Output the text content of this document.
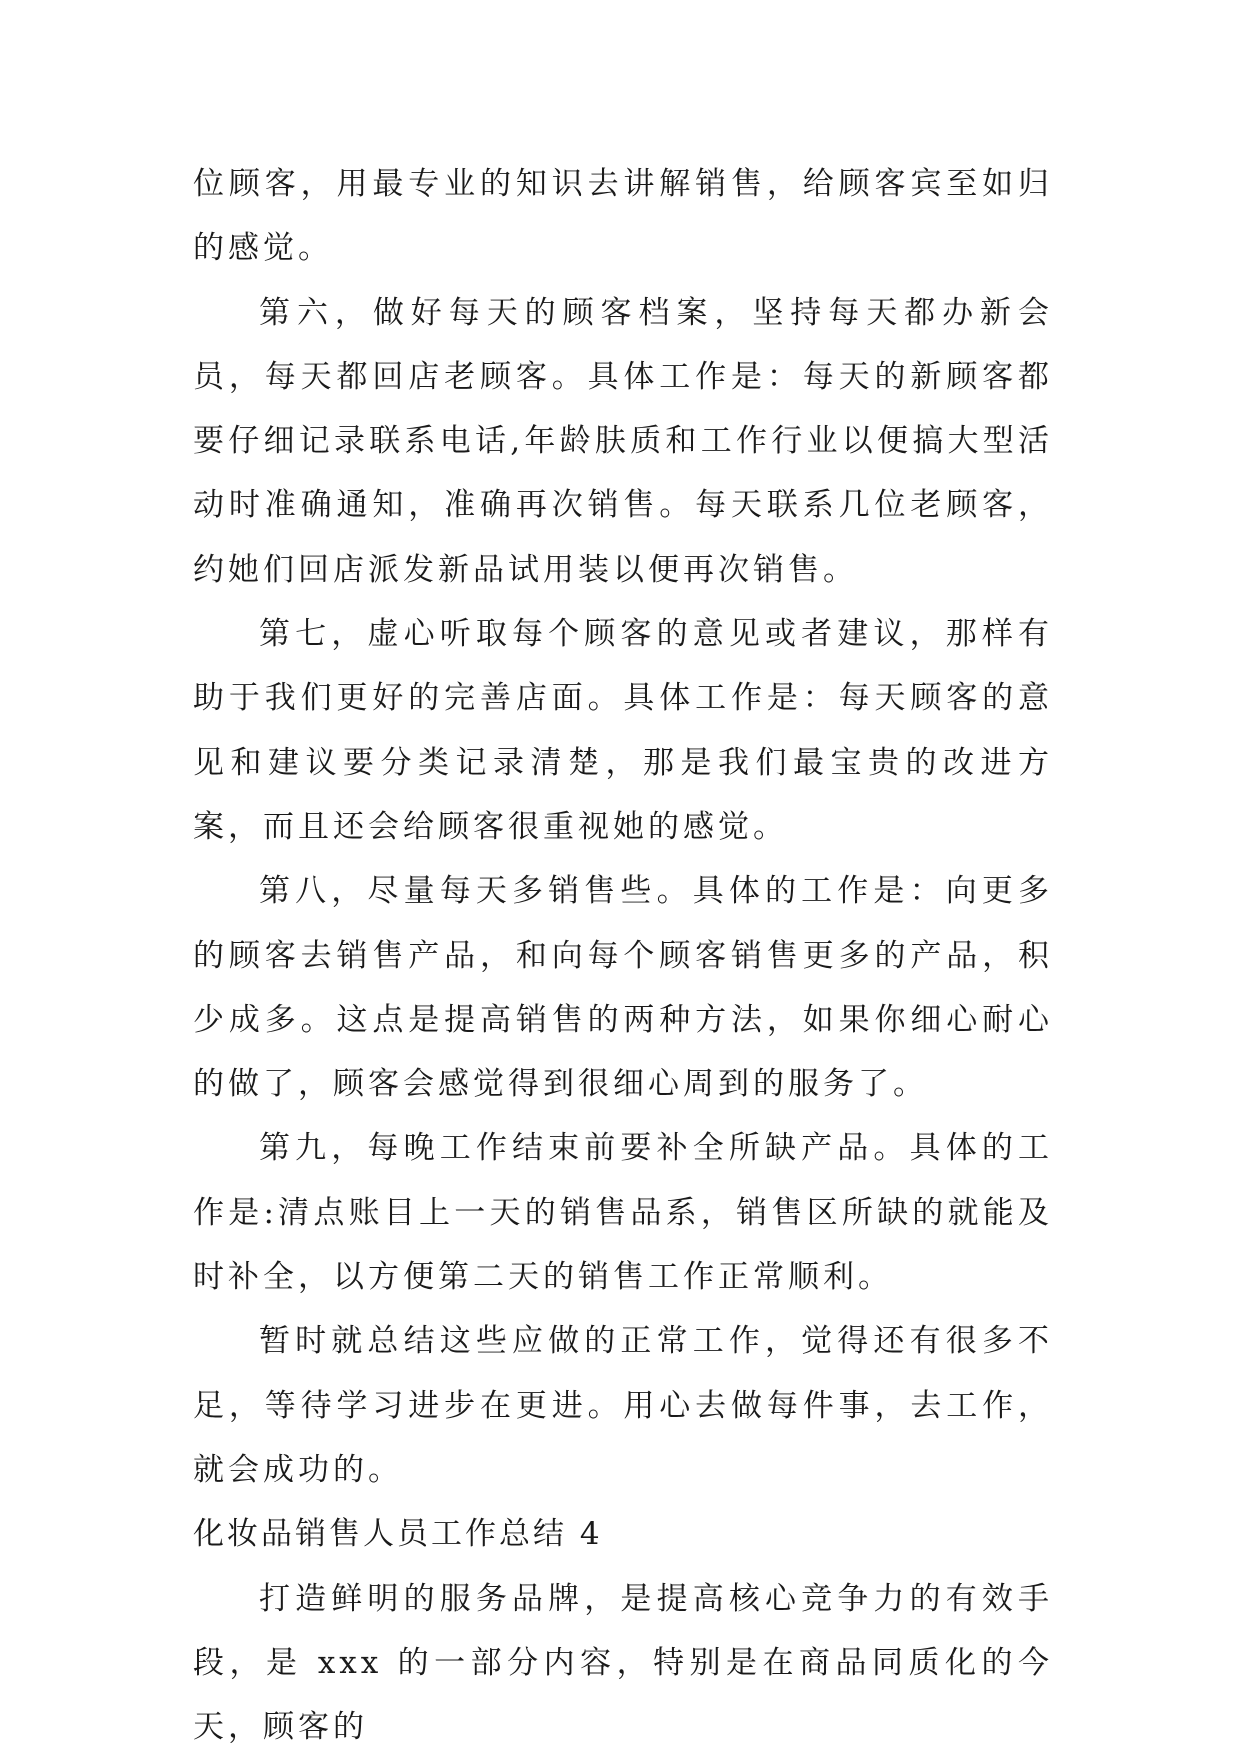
位顾客，用最专业的知识去讲解销售，给顾客宾至如归的感觉。

第六，做好每天的顾客档案，坚持每天都办新会员，每天都回店老顾客。具体工作是：每天的新顾客都要仔细记录联系电话,年龄肤质和工作行业以便搞大型活动时准确通知，准确再次销售。每天联系几位老顾客，约她们回店派发新品试用装以便再次销售。

第七，虚心听取每个顾客的意见或者建议，那样有助于我们更好的完善店面。具体工作是：每天顾客的意见和建议要分类记录清楚，那是我们最宝贵的改进方案，而且还会给顾客很重视她的感觉。

第八，尽量每天多销售些。具体的工作是：向更多的顾客去销售产品，和向每个顾客销售更多的产品，积少成多。这点是提高销售的两种方法，如果你细心耐心的做了，顾客会感觉得到很细心周到的服务了。

第九，每晚工作结束前要补全所缺产品。具体的工作是:清点账目上一天的销售品系，销售区所缺的就能及时补全，以方便第二天的销售工作正常顺利。

暂时就总结这些应做的正常工作，觉得还有很多不足，等待学习进步在更进。用心去做每件事，去工作，就会成功的。

化妆品销售人员工作总结 4

打造鲜明的服务品牌，是提高核心竞争力的有效手段，是 xxx 的一部分内容，特别是在商品同质化的今天，顾客的
